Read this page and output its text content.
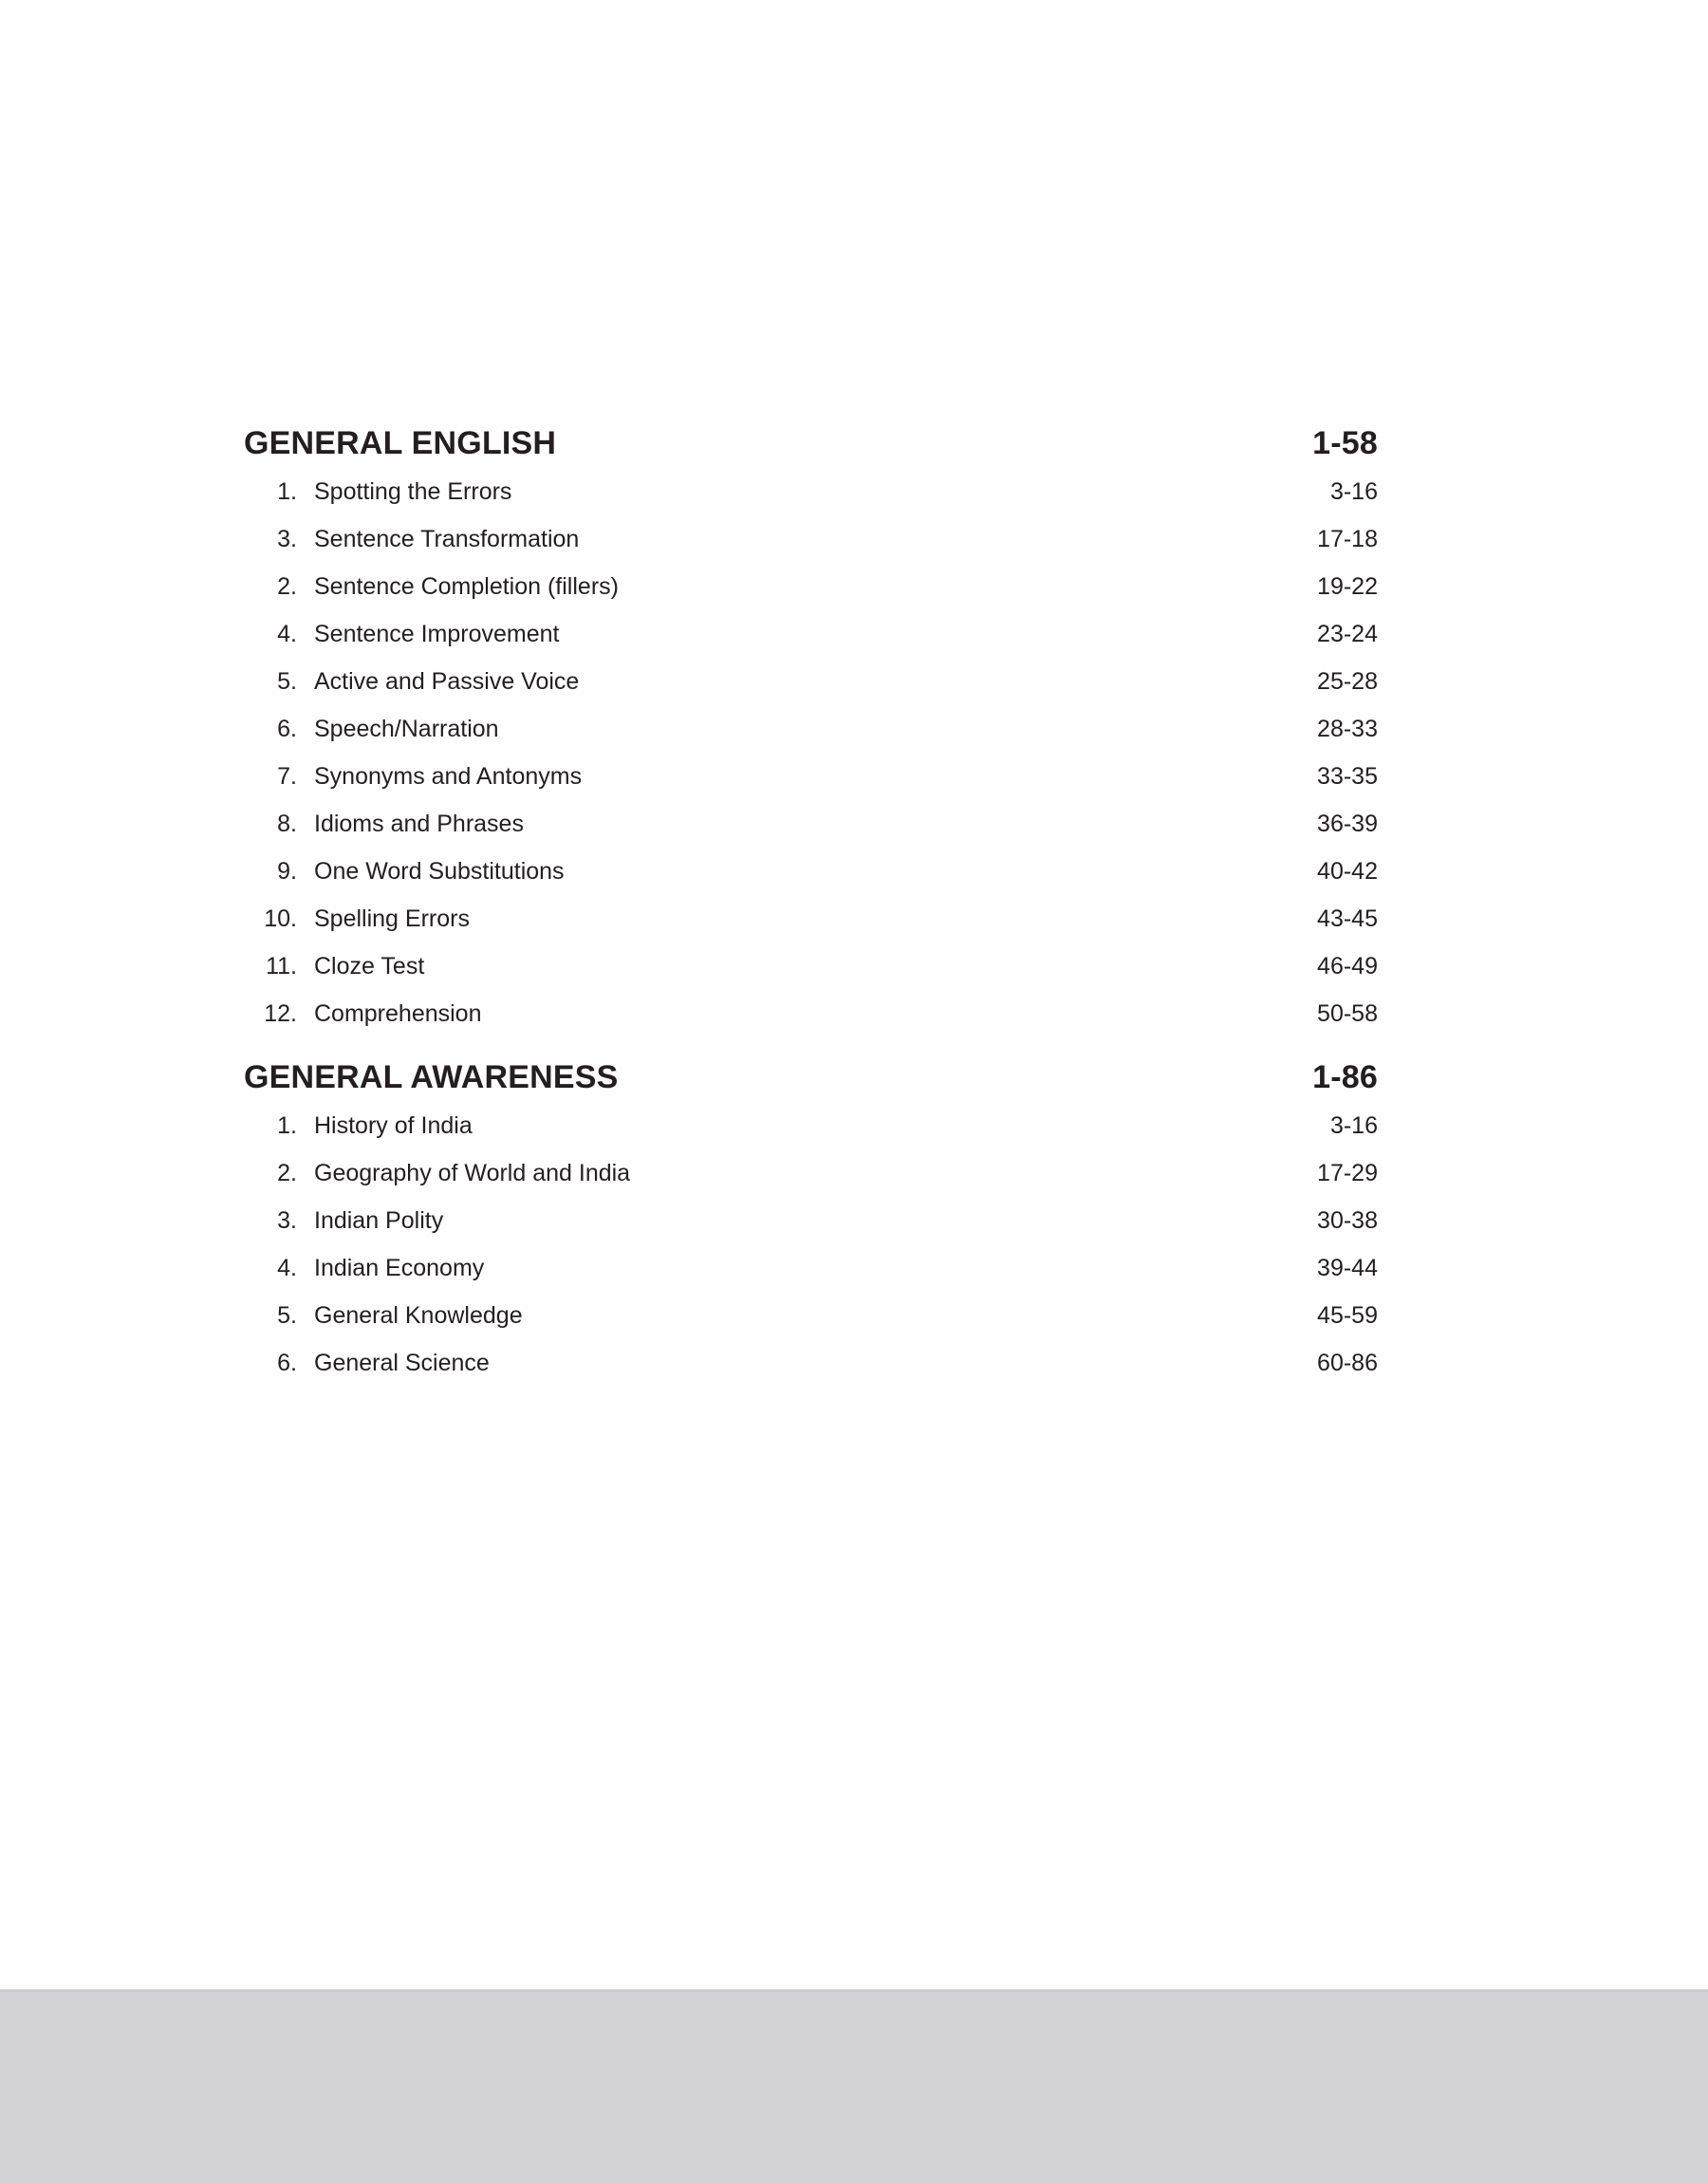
GENERAL ENGLISH	1-58
1. Spotting the Errors	3-16
3. Sentence Transformation	17-18
2. Sentence Completion (fillers)	19-22
4. Sentence Improvement	23-24
5. Active and Passive Voice	25-28
6. Speech/Narration	28-33
7. Synonyms and Antonyms	33-35
8. Idioms and Phrases	36-39
9. One Word Substitutions	40-42
10. Spelling Errors	43-45
11. Cloze Test	46-49
12. Comprehension	50-58
GENERAL AWARENESS	1-86
1. History of India	3-16
2. Geography of World and India	17-29
3. Indian Polity	30-38
4. Indian Economy	39-44
5. General Knowledge	45-59
6. General Science	60-86
